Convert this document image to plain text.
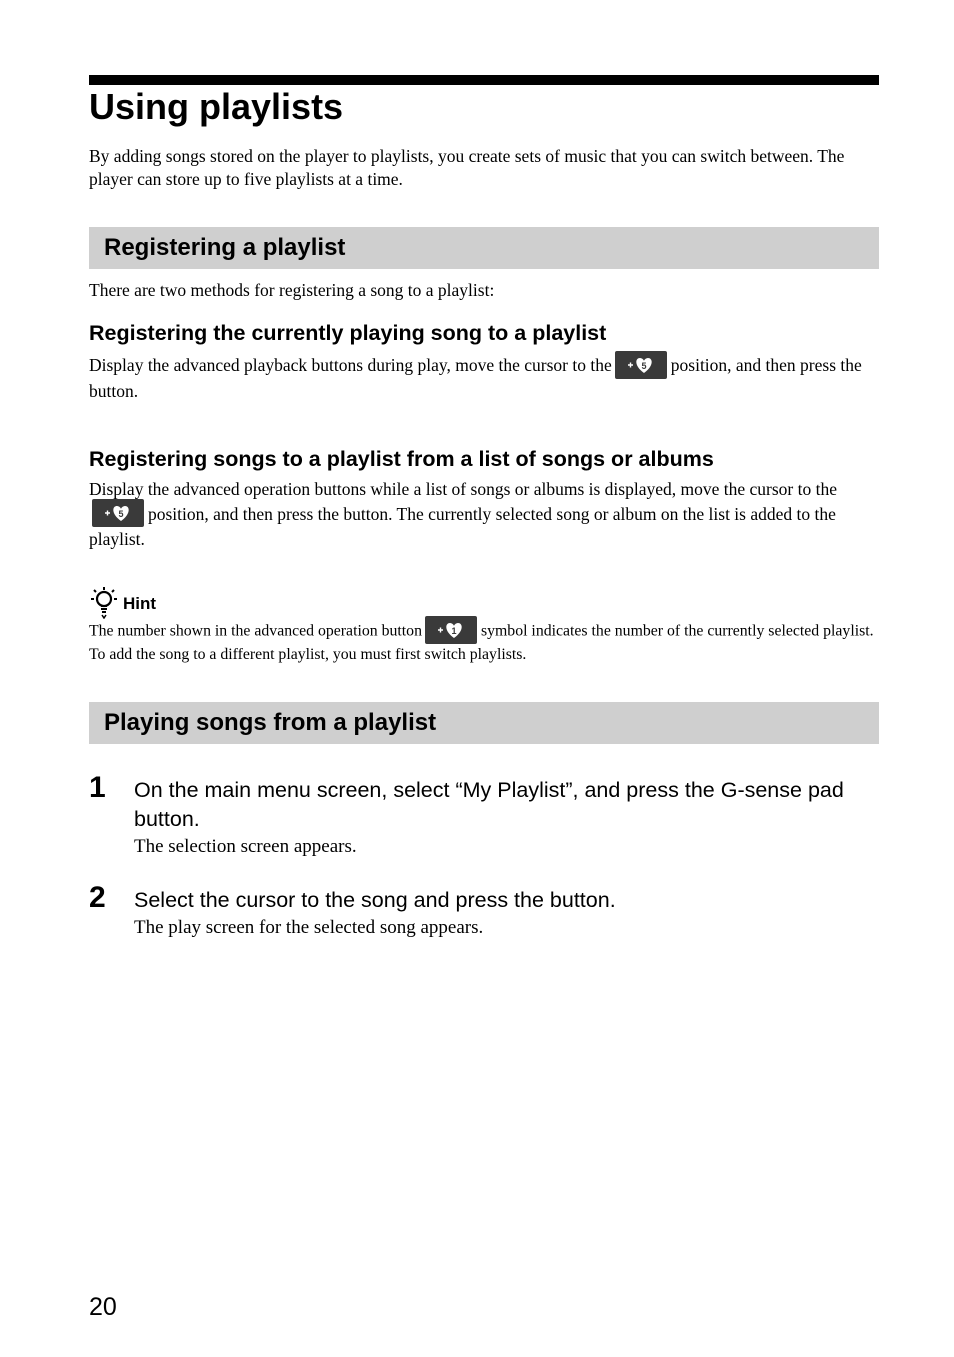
Using playlists

By adding songs stored on the player to playlists, you create sets of music that you can switch between. The player can store up to five playlists at a time.

Registering a playlist

There are two methods for registering a song to a playlist:

Registering the currently playing song to a playlist

Display the advanced playback buttons during play, move the cursor to the	5 position, and then press the button.

Registering songs to a playlist from a list of songs or albums

Display the advanced operation buttons while a list of songs or albums is displayed, move the cursor to the
5 position, and then press the button. The currently selected song or album on the list is added to the playlist.

Hint

The number shown in the advanced operation button	1 symbol indicates the number of the currently selected playlist. To add the song to a different playlist, you must first switch playlists.

Playing songs from a playlist
1 On the main menu screen, select “My Playlist”, and press the G-sense pad button.

The selection screen appears.

2 Select the cursor to the song and press the button.

The play screen for the selected song appears.

20
